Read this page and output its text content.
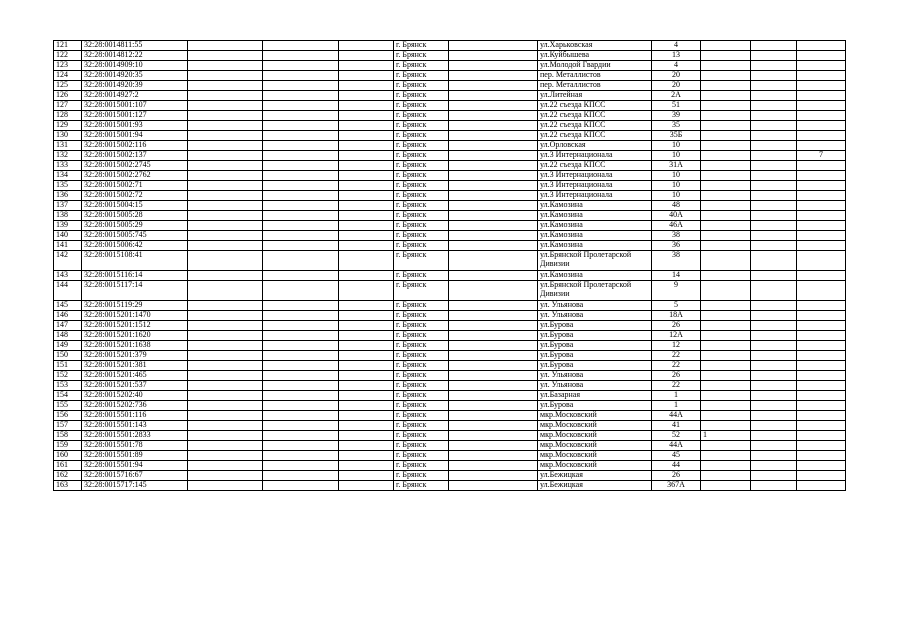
121	32:28:0014811:55				г. Брянск		ул.Харьковская	4			
122	32:28:0014812:22				г. Брянск		ул.Куйбышева	13			
123	32:28:0014909:10				г. Брянск		ул.Молодой Гвардии	4			
124	32:28:0014920:35				г. Брянск		пер. Металлистов	20			
125	32:28:0014920:39				г. Брянск		пер. Металлистов	20			
126	32:28:0014927:2				г. Брянск		ул.Литейная	2А			
127	32:28:0015001:107				г. Брянск		ул.22 съезда КПСС	51			
128	32:28:0015001:127				г. Брянск		ул.22 съезда КПСС	39			
129	32:28:0015001:93				г. Брянск		ул.22 съезда КПСС	35			
130	32:28:0015001:94				г. Брянск		ул.22 съезда КПСС	35Б			
131	32:28:0015002:116				г. Брянск		ул.Орловская	10			
132	32:28:0015002:137				г. Брянск		ул.3 Интернационала	10			7
133	32:28:0015002:2745				г. Брянск		ул.22 съезда КПСС	31А			
134	32:28:0015002:2762				г. Брянск		ул.3 Интернационала	10			
135	32:28:0015002:71				г. Брянск		ул.3 Интернационала	10			
136	32:28:0015002:72				г. Брянск		ул.3 Интернационала	10			
137	32:28:0015004:15				г. Брянск		ул.Камозина	48			
138	32:28:0015005:28				г. Брянск		ул.Камозина	40А			
139	32:28:0015005:29				г. Брянск		ул.Камозина	46А			
140	32:28:0015005:745				г. Брянск		ул.Камозина	38			
141	32:28:0015006:42				г. Брянск		ул.Камозина	36			
142	32:28:0015108:41				г. Брянск		ул.Брянской Пролетарской Дивизии	38			
143	32:28:0015116:14				г. Брянск		ул.Камозина	14			
144	32:28:0015117:14				г. Брянск		ул.Брянской Пролетарской Дивизии	9			
145	32:28:0015119:29				г. Брянск		ул. Ульянова	5			
146	32:28:0015201:1470				г. Брянск		ул. Ульянова	18А			
147	32:28:0015201:1512				г. Брянск		ул.Бурова	26			
148	32:28:0015201:1620				г. Брянск		ул.Бурова	12А			
149	32:28:0015201:1638				г. Брянск		ул.Бурова	12			
150	32:28:0015201:379				г. Брянск		ул.Бурова	22			
151	32:28:0015201:381				г. Брянск		ул.Бурова	22			
152	32:28:0015201:465				г. Брянск		ул. Ульянова	26			
153	32:28:0015201:537				г. Брянск		ул. Ульянова	22			
154	32:28:0015202:40				г. Брянск		ул.Базарная	1			
155	32:28:0015202:736				г. Брянск		ул.Бурова	1			
156	32:28:0015501:116				г. Брянск		мкр.Московский	44А			
157	32:28:0015501:143				г. Брянск		мкр.Московский	41			
158	32:28:0015501:2833				г. Брянск		мкр.Московский	52	1		
159	32:28:0015501:78				г. Брянск		мкр.Московский	44А			
160	32:28:0015501:89				г. Брянск		мкр.Московский	45			
161	32:28:0015501:94				г. Брянск		мкр.Московский	44			
162	32:28:0015716:67				г. Брянск		ул.Бежицкая	26			
163	32:28:0015717:145				г. Брянск		ул.Бежицкая	367А			
